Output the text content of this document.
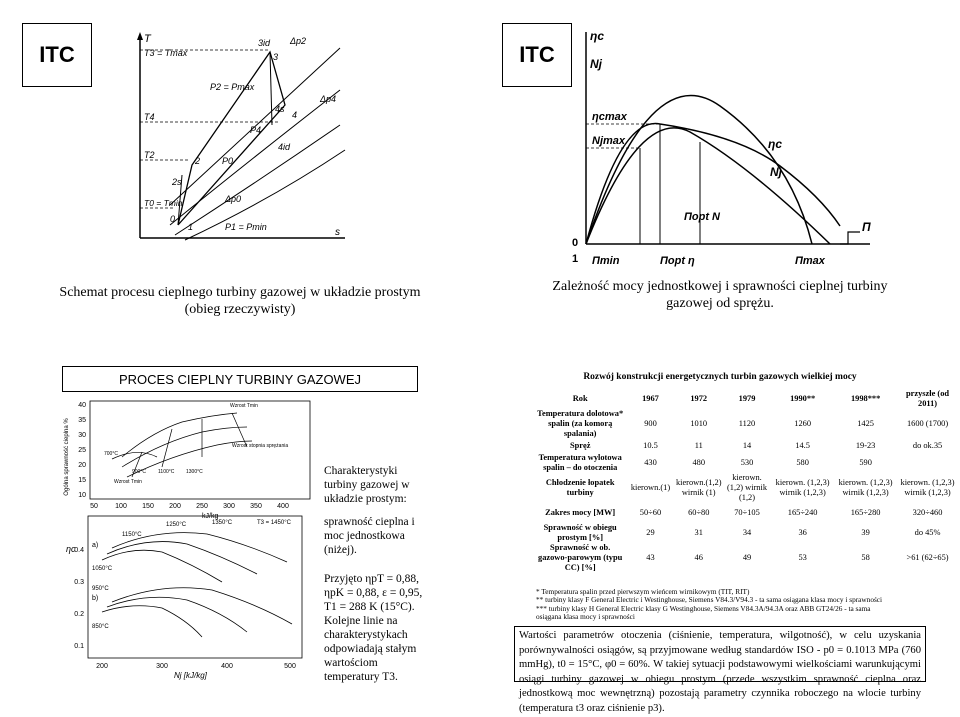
ITC
T
T3 = Tmax
3id
3
Δp2
P2 = Pmax
Δp4
T4
P4
4s
4
4id
T2
2 P0
2s
Δp0
T0 = Tmin
0
1	P1 = Pmin	s
Schemat procesu cieplnego turbiny gazowej w układzie prostym
(obieg rzeczywisty)
ITC
ηc
Nj
ηcmax
Njmax	ηc
Nj
Πopt N
0
1 Πmin	Πopt η	Πmax
Π
Zależność mocy jednostkowej i sprawności cieplnej turbiny
gazowej od sprężu.
PROCES CIEPLNY TURBINY GAZOWEJ
Ogólna sprawność cieplna %
40
35
30
25
20
15
10
50 100 150 200 250 300 350 400
kJ/kg
Wzrost Tmin
Wzrost stopnia sprężania
Wzrost Tmin
1100°C 1300°C
900°C
700°C
ηc
0.4
0.3
0.2
0.1
200	300	400	500
Nj [kJ/kg]
a)
b)
1150°C
1250°C	1350°C	T3 = 1450°C
1050°C
950°C
850°C

Charakterystyki
turbiny gazowej w
układzie prostym:

sprawność cieplna i
moc jednostkowa
(niżej).

Przyjęto ηpT = 0,88,
ηpK = 0,88, ε = 0,95,
T1 = 288 K (15°C).
Kolejne linie na
charakterystykach
odpowiadają stałym
wartościom
temperatury T3.
Rozwój konstrukcji energetycznych turbin gazowych wielkiej mocy
Rok	1967	1972	1979	1990**	1998***	przyszłe (od 2011)
Temperatura dolotowa* spalin (za komorą spalania)	900	1010	1120	1260	1425	1600 (1700)
Spręż	10.5	11	14	14.5	19-23	do ok.35
Temperatura wylotowa spalin – do otoczenia	430	480	530	580	590	
Chłodzenie łopatek turbiny	kierown.(1)	kierown.(1,2) wirnik (1)	kierown. (1,2) wirnik (1,2)	kierown. (1,2,3) wirnik (1,2,3)	kierown. (1,2,3) wirnik (1,2,3)	kierown. (1,2,3) wirnik (1,2,3)
Zakres mocy [MW]	50÷60	60÷80	70÷105	165÷240	165÷280	320÷460
Sprawność w obiegu prostym [%]	29	31	34	36	39	do 45%
Sprawność w ob. gazowo-parowym (typu CC) [%]	43	46	49	53	58	>61 (62÷65)
* Temperatura spalin przed pierwszym wieńcem wirnikowym (TIT, RIT)
** turbiny klasy F General Electric i Westinghouse, Siemens V84.3/V94.3 - ta sama osiągana klasa mocy i sprawności
*** turbiny klasy H General Electric klasy G Westinghouse, Siemens V84.3A/94.3A oraz ABB GT24/26 - ta sama
osiągana klasa mocy i sprawności
Wartości parametrów otoczenia (ciśnienie, temperatura, wilgotność), w celu uzyskania porównywalności osiągów, są przyjmowane według standardów ISO - p0 = 0.1013 MPa (760 mmHg), t0 = 15°C, φ0 = 60%. W takiej sytuacji podstawowymi wielkościami warunkującymi osiągi turbiny gazowej w obiegu prostym (przede wszystkim sprawność cieplna oraz jednostkową moc wewnętrzną) pozostają parametry czynnika roboczego na wlocie turbiny (temperatura t3 oraz ciśnienie p3).
